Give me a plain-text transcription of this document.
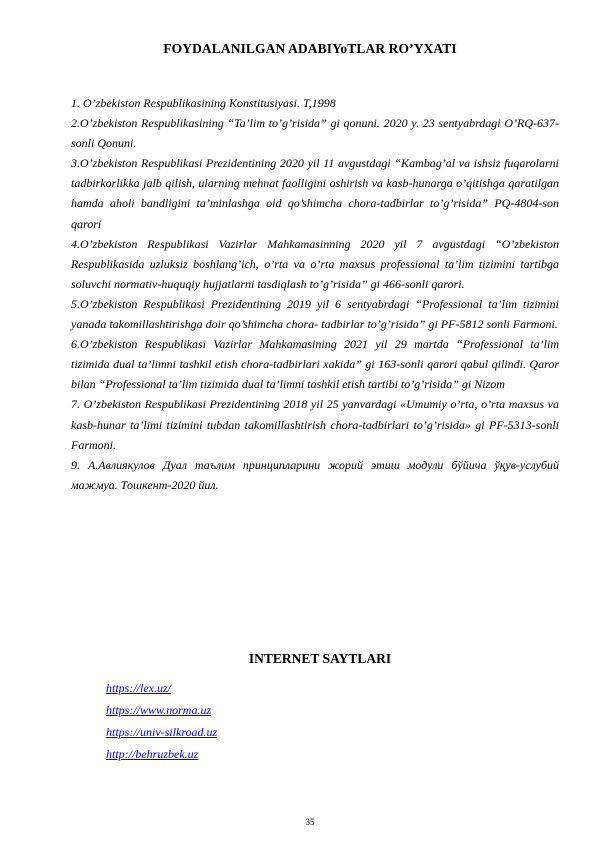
FOYDALANILGAN ADABIYoTLAR RO’YXATI

1. O’zbekiston Respublikasining Konstitusiyasi. T,1998

2.O’zbekiston Respublikasining “Ta’lim to’g’risida” gi qonuni. 2020 y. 23 sentyabrdagi O’RQ-637-sonli Qonuni.

3.O’zbekiston Respublikasi Prezidentining 2020 yil 11 avgustdagi “Kambag’al va ishsiz fuqarolarni tadbirkorlikka jalb qilish, ularning mehnat faolligini oshirish va kasb-hunarga o’qitishga qaratilgan hamda aholi bandligini ta’minlashga oid qo’shimcha chora-tadbirlar to’g’risida” PQ-4804-son qarori

4.O’zbekiston Respublikasi Vazirlar Mahkamasinning 2020 yil 7 avgustdagi “O’zbekiston Respublikasida uzluksiz boshlang’ich, o’rta va o’rta maxsus professional ta’lim tizimini tartibga soluvchi normativ-huquqiy hujjatlarni tasdiqlash to’g’risida” gi 466-sonli qarori.

5.O’zbekiston Respublikasi Prezidentining 2019 yil 6 sentyabrdagi “Professional ta’lim tizimini yanada takomillashtirishga doir qo’shimcha chora- tadbirlar to’g’risida” gi PF-5812 sonli Farmoni.

6.O’zbekiston Respublikasi Vazirlar Mahkamasining 2021 yil 29 martda “Professional ta’lim tizimida dual ta’limni tashkil etish chora-tadbirlari xakida” gi 163-sonli qarori qabul qilindi. Qaror bilan “Professional ta’lim tizimida dual ta’limni tashkil etish tartibi to’g’risida” gi Nizom

7. O’zbekiston Respublikasi Prezidentining 2018 yil 25 yanvardagi «Umumiy o’rta, o’rta maxsus va kasb-hunar ta’limi tizimini tubdan takomillashtirish chora-tadbirlari to’g’risida» gi PF-5313-sonli Farmoni.

9. А.Авлиякулов Дуал таълим принципларини жорий этиш модули бўйича ўқув-услубий мажмуа. Тошкент-2020 йил.

INTERNET SAYTLARI
https://lex.uz/
https://www.norma.uz
https://univ-silkroad.uz
http://behruzbek.uz
35
